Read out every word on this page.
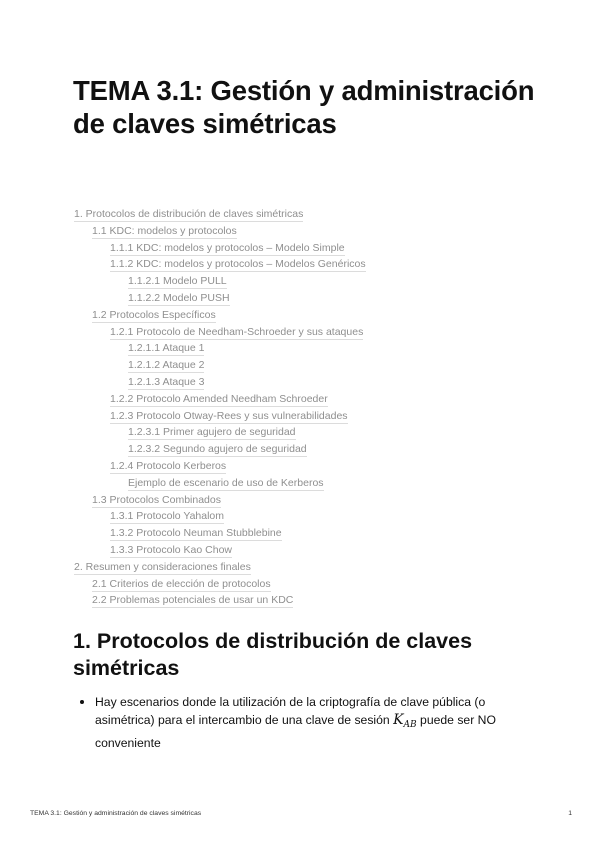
TEMA 3.1: Gestión y administración de claves simétricas
1. Protocolos de distribución de claves simétricas
1.1 KDC: modelos y protocolos
1.1.1 KDC: modelos y protocolos – Modelo Simple
1.1.2 KDC: modelos y protocolos – Modelos Genéricos
1.1.2.1 Modelo PULL
1.1.2.2 Modelo PUSH
1.2 Protocolos Específicos
1.2.1 Protocolo de Needham-Schroeder y sus ataques
1.2.1.1 Ataque 1
1.2.1.2 Ataque 2
1.2.1.3 Ataque 3
1.2.2 Protocolo Amended Needham Schroeder
1.2.3 Protocolo Otway-Rees y sus vulnerabilidades
1.2.3.1 Primer agujero de seguridad
1.2.3.2 Segundo agujero de seguridad
1.2.4 Protocolo Kerberos
Ejemplo de escenario de uso de Kerberos
1.3 Protocolos Combinados
1.3.1 Protocolo Yahalom
1.3.2 Protocolo Neuman Stubblebine
1.3.3 Protocolo Kao Chow
2. Resumen y consideraciones finales
2.1 Criterios de elección de protocolos
2.2 Problemas potenciales de usar un KDC
1. Protocolos de distribución de claves simétricas
Hay escenarios donde la utilización de la criptografía de clave pública (o asimétrica) para el intercambio de una clave de sesión $K_{AB}$ puede ser NO conveniente
TEMA 3.1: Gestión y administración de claves simétricas	1
